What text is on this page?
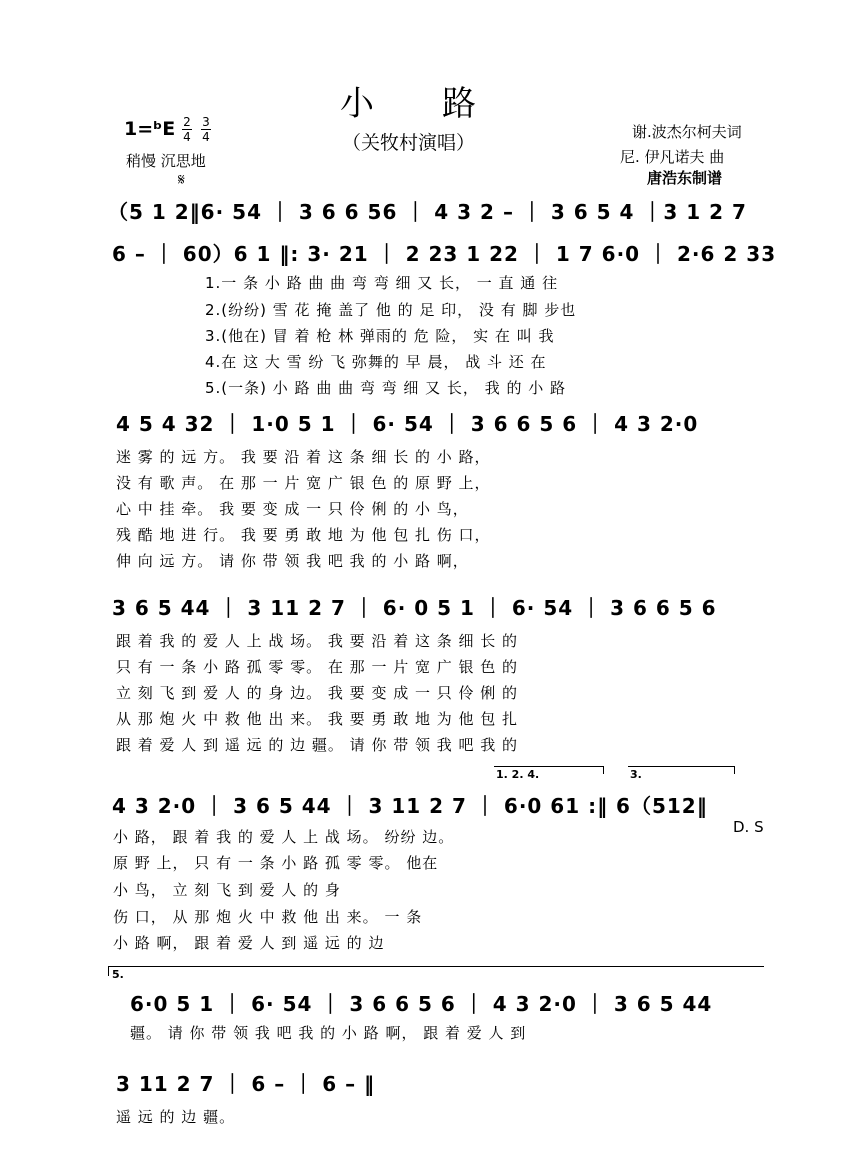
小路
（关牧村演唱）
1=ᵇE 2
4
3
4
稍慢 沉思地
谢.波杰尔柯夫词
尼. 伊凡诺夫 曲
唐浩东制谱
𝄋
（5 1 2‖6· 54 ｜ 3 6 6 56 ｜ 4 3 2 – ｜ 3 6 5 4 ｜3 1 2 7
6 – ｜ 60）6 1 ‖: 3· 21 ｜ 2 23 1 22 ｜ 1 7 6·0 ｜ 2·6 2 33
1.一 条 小 路 曲 曲 弯 弯 细 又 长， 一 直 通 往
2.(纷纷) 雪 花 掩 盖了 他 的 足 印， 没 有 脚 步也
3.(他在) 冒 着 枪 林 弹雨的 危 险， 实 在 叫 我
4.在 这 大 雪 纷 飞 弥舞的 早 晨， 战 斗 还 在
5.(一条) 小 路 曲 曲 弯 弯 细 又 长， 我 的 小 路
4 5 4 32 ｜ 1·0 5 1 ｜ 6· 54 ｜ 3 6 6 5 6 ｜ 4 3 2·0
迷 雾 的 远 方。 我 要 沿 着 这 条 细 长 的 小 路，
没 有 歌 声。 在 那 一 片 宽 广 银 色 的 原 野 上，
心 中 挂 牵。 我 要 变 成 一 只 伶 俐 的 小 鸟，
残 酷 地 进 行。 我 要 勇 敢 地 为 他 包 扎 伤 口，
伸 向 远 方。 请 你 带 领 我 吧 我 的 小 路 啊，
3 6 5 44 ｜ 3 11 2 7 ｜ 6· 0 5 1 ｜ 6· 54 ｜ 3 6 6 5 6
跟 着 我 的 爱 人 上 战 场。 我 要 沿 着 这 条 细 长 的
只 有 一 条 小 路 孤 零 零。 在 那 一 片 宽 广 银 色 的
立 刻 飞 到 爱 人 的 身 边。 我 要 变 成 一 只 伶 俐 的
从 那 炮 火 中 救 他 出 来。 我 要 勇 敢 地 为 他 包 扎
跟 着 爱 人 到 遥 远 的 边 疆。 请 你 带 领 我 吧 我 的
1. 2. 4.	3.
4 3 2·0 ｜ 3 6 5 44 ｜ 3 11 2 7 ｜ 6·0 61 :‖ 6（512‖
D. S
小 路， 跟 着 我 的 爱 人 上 战 场。 纷纷 边。
原 野 上， 只 有 一 条 小 路 孤 零 零。 他在
小 鸟， 立 刻 飞 到 爱 人 的 身
伤 口， 从 那 炮 火 中 救 他 出 来。 一 条
小 路 啊， 跟 着 爱 人 到 遥 远 的 边
5.
6·0 5 1 ｜ 6· 54 ｜ 3 6 6 5 6 ｜ 4 3 2·0 ｜ 3 6 5 44
疆。 请 你 带 领 我 吧 我 的 小 路 啊， 跟 着 爱 人 到
3 11 2 7 ｜ 6 – ｜ 6 – ‖
遥 远 的 边 疆。
